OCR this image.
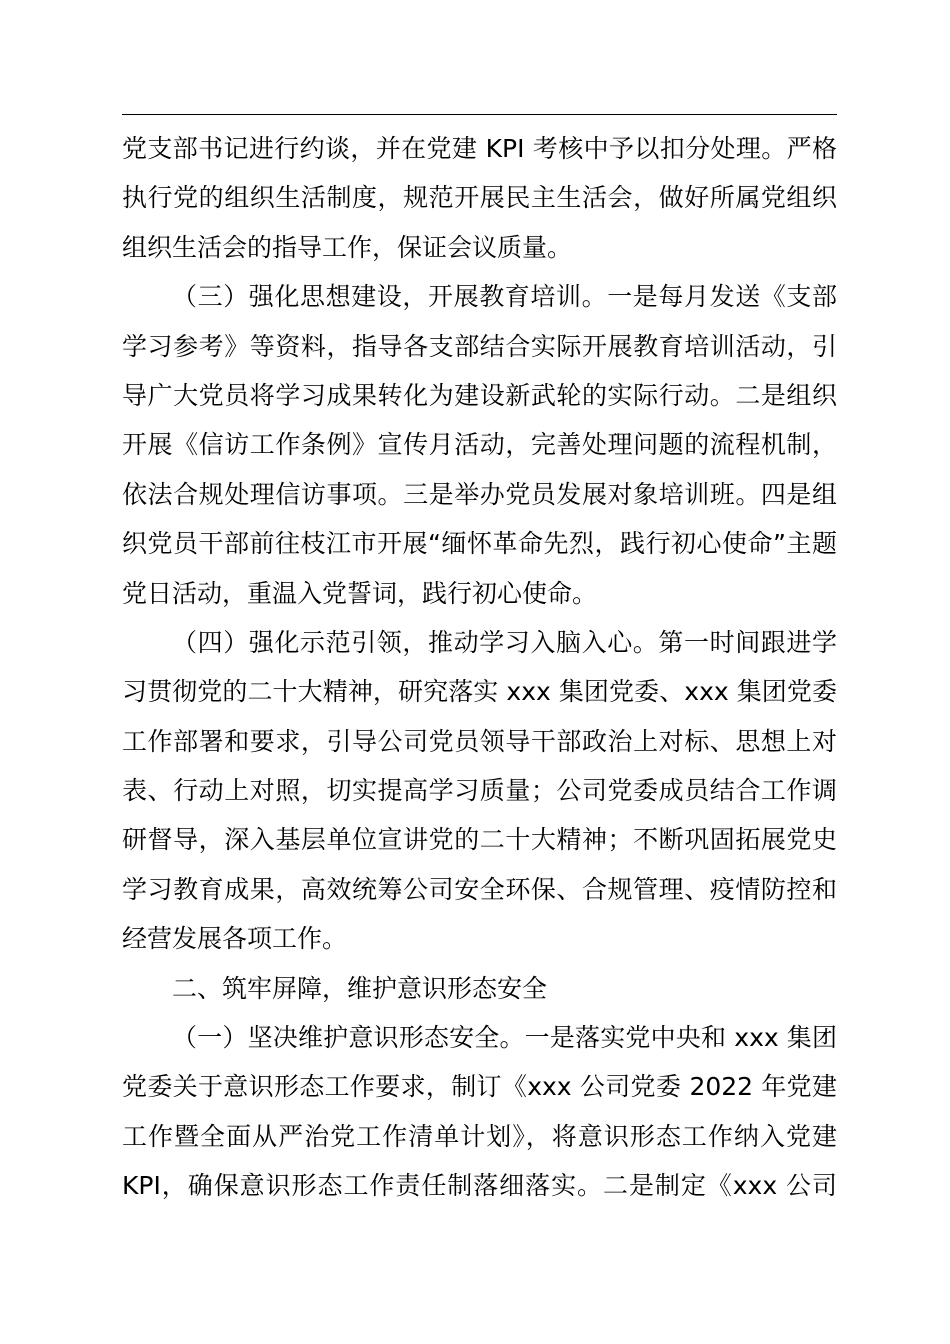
党支部书记进行约谈，并在党建 KPI 考核中予以扣分处理。严格
执行党的组织生活制度，规范开展民主生活会，做好所属党组织
组织生活会的指导工作，保证会议质量。
（三）强化思想建设，开展教育培训。一是每月发送《支部
学习参考》等资料，指导各支部结合实际开展教育培训活动，引
导广大党员将学习成果转化为建设新武轮的实际行动。二是组织
开展《信访工作条例》宣传月活动，完善处理问题的流程机制，
依法合规处理信访事项。三是举办党员发展对象培训班。四是组
织党员干部前往枝江市开展“缅怀革命先烈，践行初心使命”主题
党日活动，重温入党誓词，践行初心使命。
（四）强化示范引领，推动学习入脑入心。第一时间跟进学
习贯彻党的二十大精神，研究落实 xxx 集团党委、xxx 集团党委
工作部署和要求，引导公司党员领导干部政治上对标、思想上对
表、行动上对照，切实提高学习质量；公司党委成员结合工作调
研督导，深入基层单位宣讲党的二十大精神；不断巩固拓展党史
学习教育成果，高效统筹公司安全环保、合规管理、疫情防控和
经营发展各项工作。
二、筑牢屏障，维护意识形态安全
（一）坚决维护意识形态安全。一是落实党中央和 xxx 集团
党委关于意识形态工作要求，制订《xxx 公司党委 2022 年党建
工作暨全面从严治党工作清单计划》，将意识形态工作纳入党建
KPI，确保意识形态工作责任制落细落实。二是制定《xxx 公司
